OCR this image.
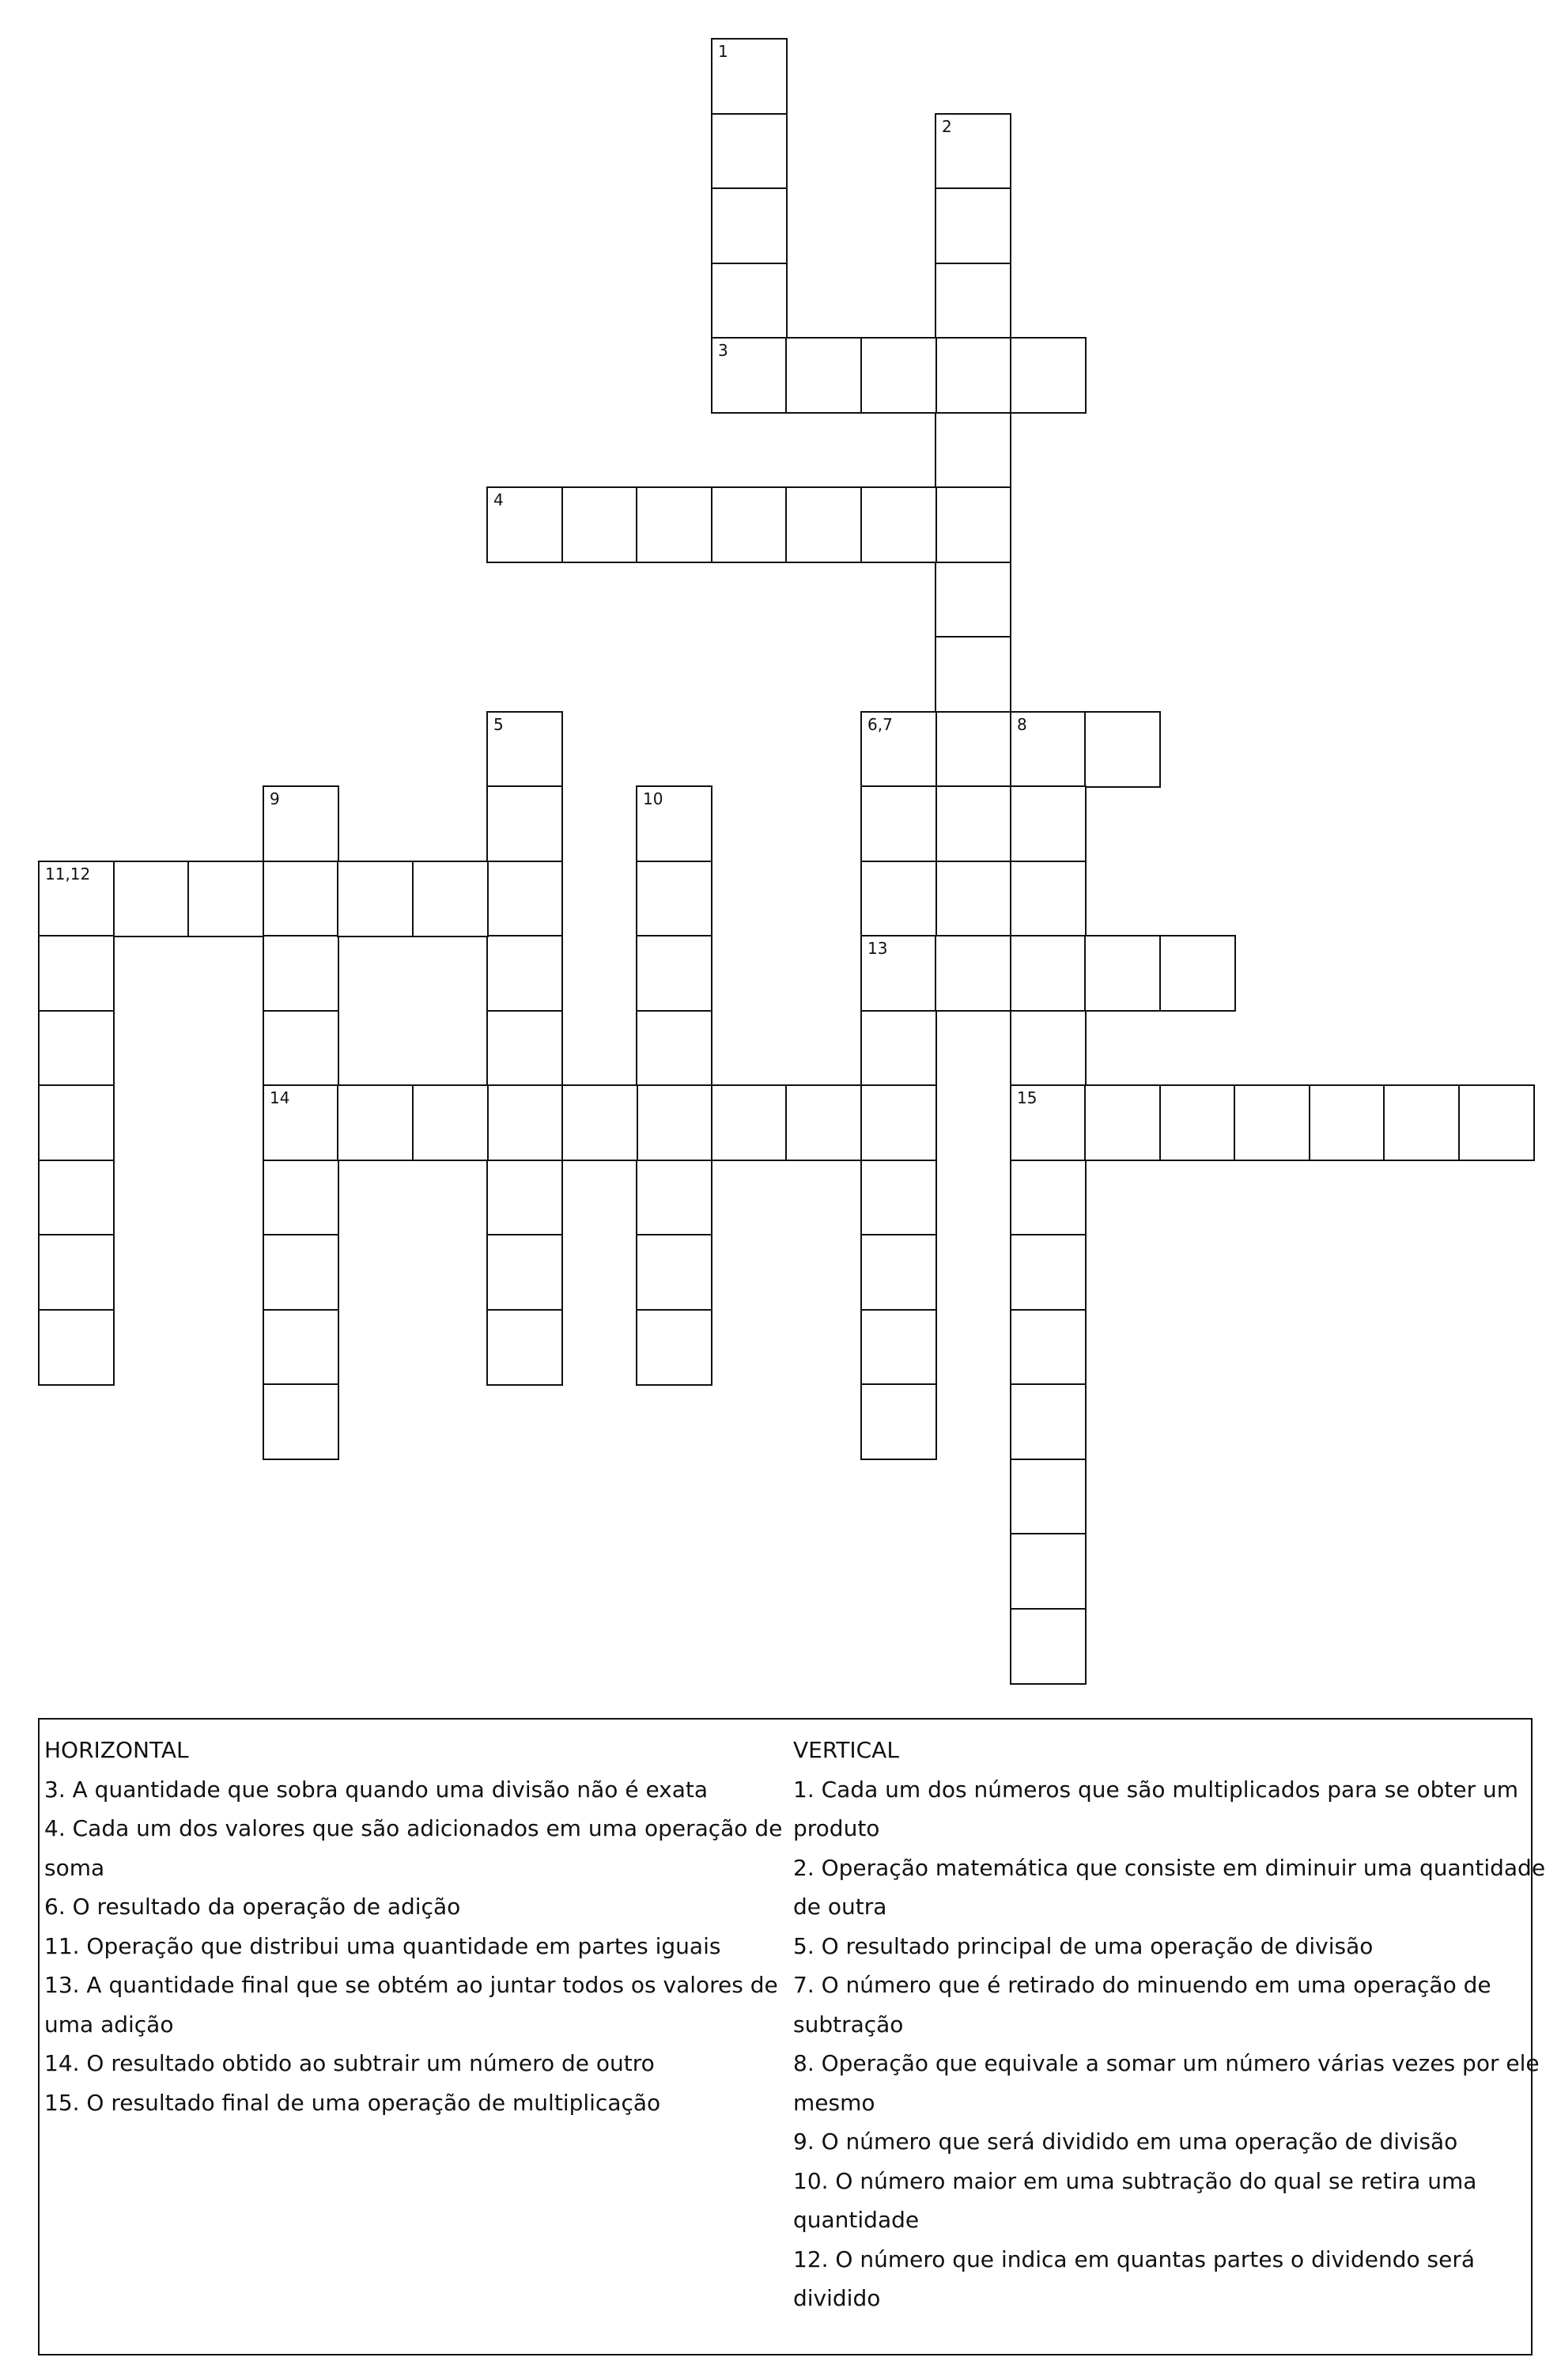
1
3
2
4
5	6,7	8
13
15
9
14
10
11,12
HORIZONTAL
3. A quantidade que sobra quando uma divisão não é exata
4. Cada um dos valores que são adicionados em uma operação de
soma
6. O resultado da operação de adição
11. Operação que distribui uma quantidade em partes iguais
13. A quantidade final que se obtém ao juntar todos os valores de
uma adição
14. O resultado obtido ao subtrair um número de outro
15. O resultado final de uma operação de multiplicação
VERTICAL
1. Cada um dos números que são multiplicados para se obter um
produto
2. Operação matemática que consiste em diminuir uma quantidade
de outra
5. O resultado principal de uma operação de divisão
7. O número que é retirado do minuendo em uma operação de
subtração
8. Operação que equivale a somar um número várias vezes por ele
mesmo
9. O número que será dividido em uma operação de divisão
10. O número maior em uma subtração do qual se retira uma
quantidade
12. O número que indica em quantas partes o dividendo será
dividido
